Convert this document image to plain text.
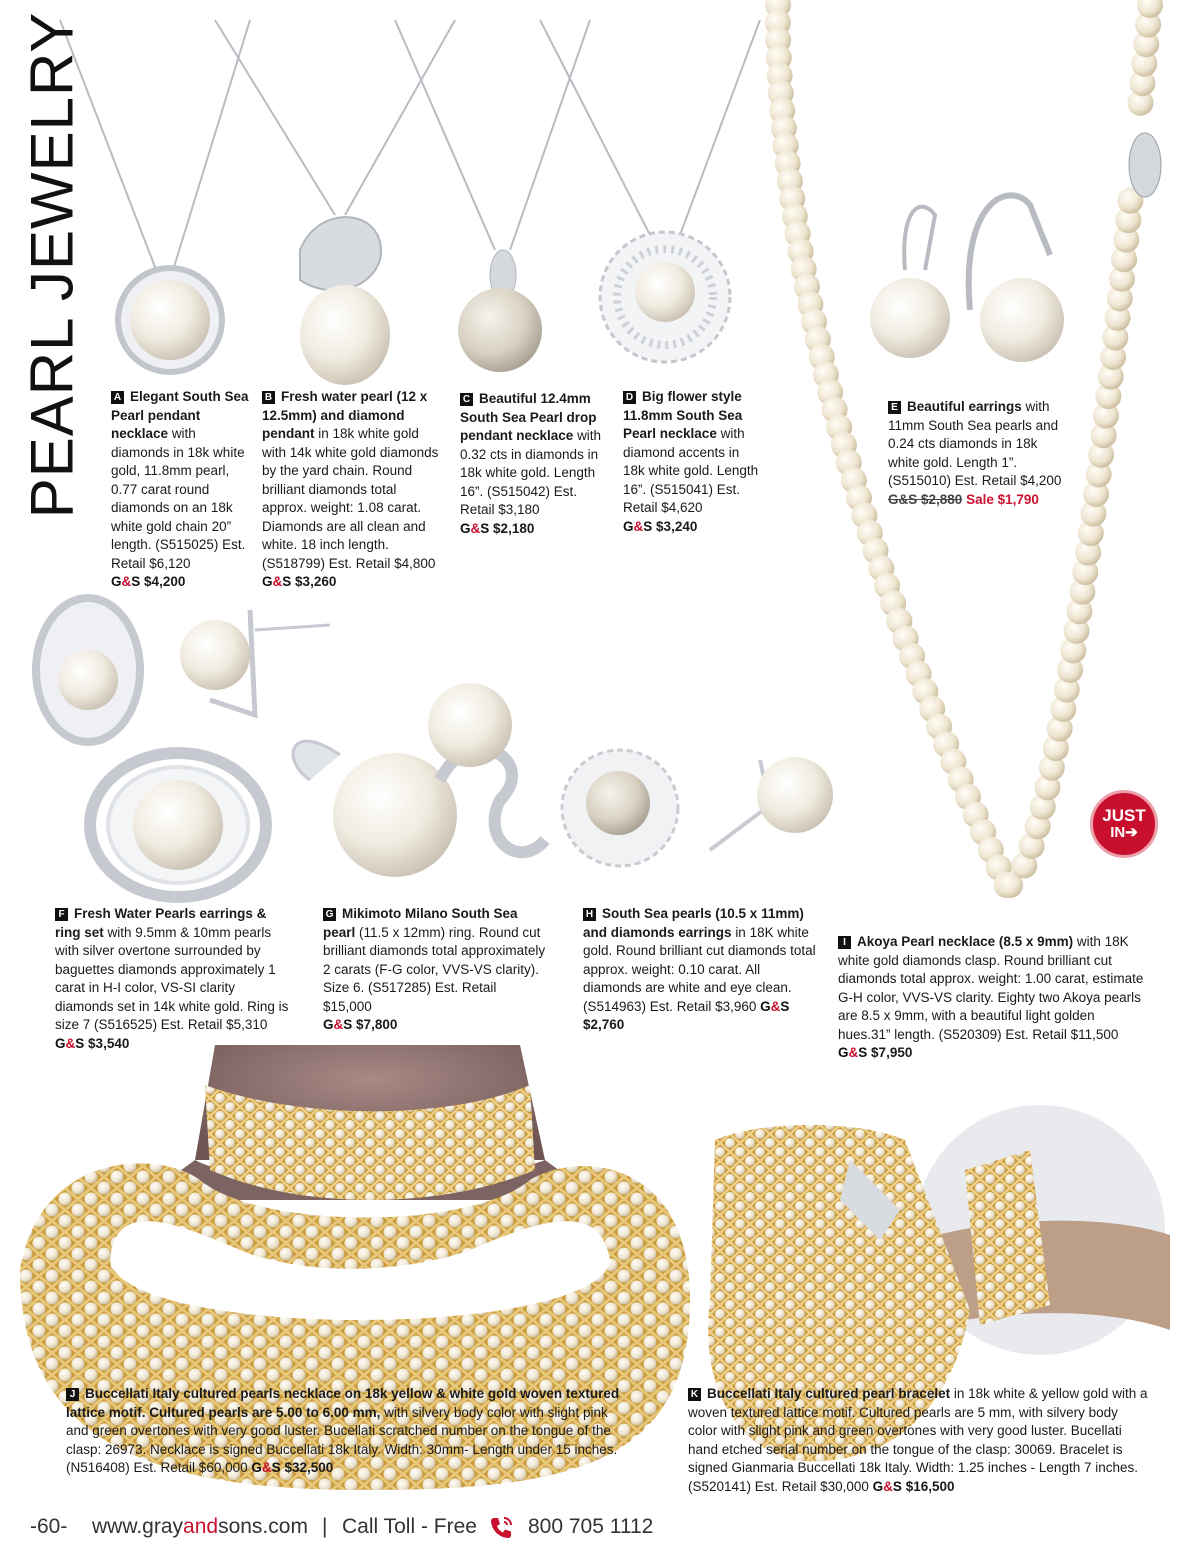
PEARL JEWELRY
JUST
IN➔
A Elegant South Sea Pearl pendant necklace with diamonds in 18k white gold, 11.8mm pearl, 0.77 carat round diamonds on an 18k white gold chain 20” length. (S515025) Est. Retail $6,120
G&S $4,200
B Fresh water pearl (12 x 12.5mm) and diamond pendant in 18k white gold with 14k white gold diamonds by the yard chain. Round brilliant diamonds total approx. weight: 1.08 carat. Diamonds are all clean and white. 18 inch length. (S518799) Est. Retail $4,800 G&S $3,260
C Beautiful 12.4mm South Sea Pearl drop pendant necklace with 0.32 cts in diamonds in 18k white gold. Length 16”. (S515042) Est. Retail $3,180
G&S $2,180
D Big flower style 11.8mm South Sea Pearl necklace with diamond accents in 18k white gold. Length 16”. (S515041) Est. Retail $4,620
G&S $3,240
E Beautiful earrings with 11mm South Sea pearls and 0.24 cts diamonds in 18k white gold. Length 1”. (S515010) Est. Retail $4,200
G&S $2,880 Sale $1,790
F Fresh Water Pearls earrings & ring set with 9.5mm & 10mm pearls with silver overtone surrounded by baguettes diamonds approximately 1 carat in H-I color, VS-SI clarity diamonds set in 14k white gold. Ring is size 7 (S516525) Est. Retail $5,310 G&S $3,540
G Mikimoto Milano South Sea pearl (11.5 x 12mm) ring. Round cut brilliant diamonds total approximately 2 carats (F-G color, VVS-VS clarity). Size 6. (S517285) Est. Retail $15,000
G&S $7,800
H South Sea pearls (10.5 x 11mm) and diamonds earrings in 18K white gold. Round brilliant cut diamonds total approx. weight: 0.10 carat. All diamonds are white and eye clean. (S514963) Est. Retail $3,960 G&S $2,760
I Akoya Pearl necklace (8.5 x 9mm) with 18K white gold diamonds clasp. Round brilliant cut diamonds total approx. weight: 1.00 carat, estimate G-H color, VVS-VS clarity. Eighty two Akoya pearls are 8.5 x 9mm, with a beautiful light golden hues.31” length. (S520309) Est. Retail $11,500 G&S $7,950
J Buccellati Italy cultured pearls necklace on 18k yellow & white gold woven textured lattice motif. Cultured pearls are 5.00 to 6.00 mm, with silvery body color with slight pink and green overtones with very good luster. Bucellati scratched number on the tongue of the clasp: 26973. Necklace is signed Buccellati 18k Italy. Width: 30mm- Length under 15 inches. (N516408) Est. Retail $60,000 G&S $32,500
K Buccellati Italy cultured pearl bracelet in 18k white & yellow gold with a woven textured lattice motif. Cultured pearls are 5 mm, with silvery body color with slight pink and green overtones with very good luster. Bucellati hand etched serial number on the tongue of the clasp: 30069. Bracelet is signed Gianmaria Buccellati 18k Italy. Width: 1.25 inches - Length 7 inches. (S520141) Est. Retail $30,000 G&S $16,500
-60- www.grayandsons.com | Call Toll - Free 800 705 1112
